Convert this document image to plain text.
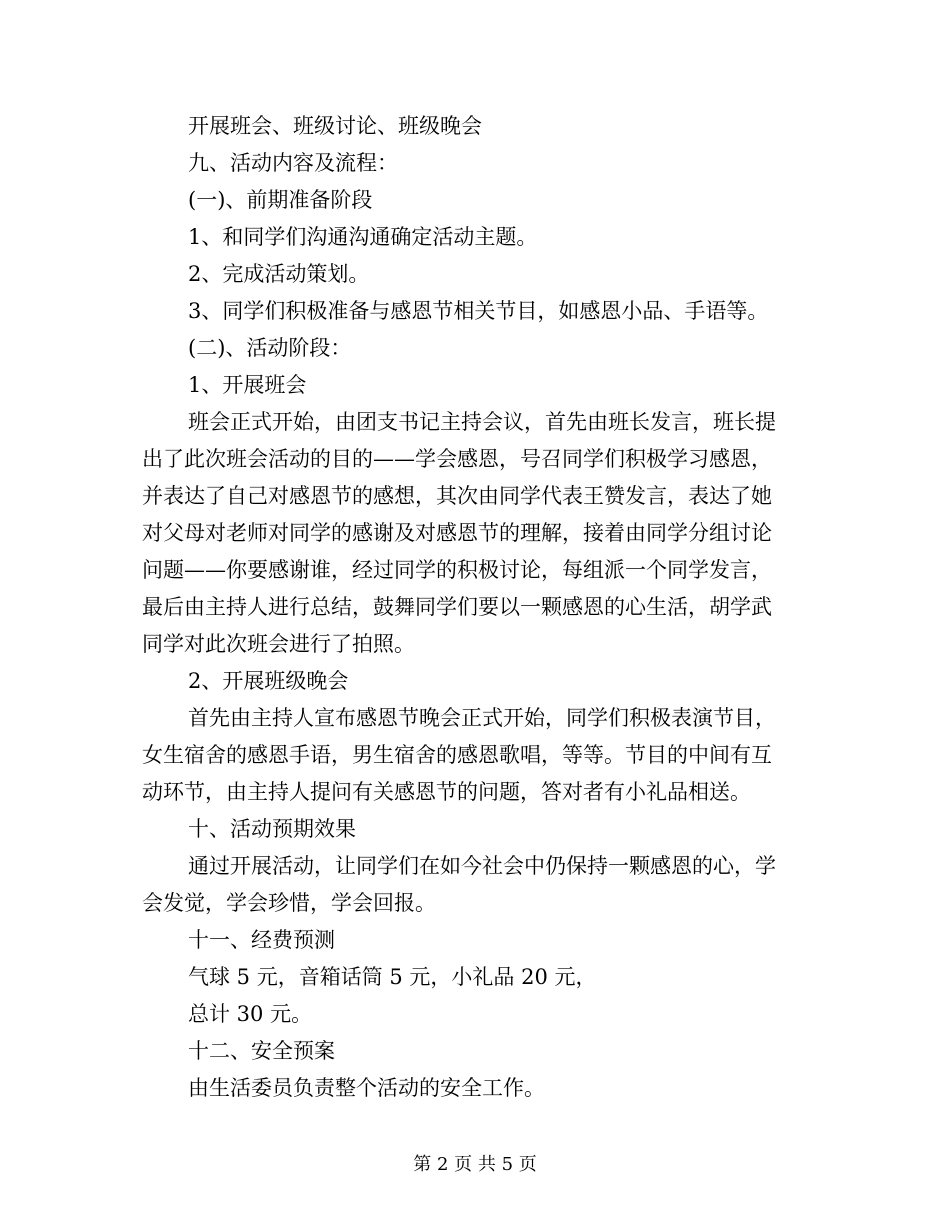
开展班会、班级讨论、班级晚会
九、活动内容及流程：
(一)、前期准备阶段
1、和同学们沟通沟通确定活动主题。
2、完成活动策划。
3、同学们积极准备与感恩节相关节目，如感恩小品、手语等。
(二)、活动阶段：
1、开展班会
班会正式开始，由团支书记主持会议，首先由班长发言，班长提
出了此次班会活动的目的——学会感恩，号召同学们积极学习感恩，
并表达了自己对感恩节的感想，其次由同学代表王赞发言，表达了她
对父母对老师对同学的感谢及对感恩节的理解，接着由同学分组讨论
问题——你要感谢谁，经过同学的积极讨论，每组派一个同学发言，
最后由主持人进行总结，鼓舞同学们要以一颗感恩的心生活，胡学武
同学对此次班会进行了拍照。
2、开展班级晚会
首先由主持人宣布感恩节晚会正式开始，同学们积极表演节目，
女生宿舍的感恩手语，男生宿舍的感恩歌唱，等等。节目的中间有互
动环节，由主持人提问有关感恩节的问题，答对者有小礼品相送。
十、活动预期效果
通过开展活动，让同学们在如今社会中仍保持一颗感恩的心，学
会发觉，学会珍惜，学会回报。
十一、经费预测
气球 5 元，音箱话筒 5 元，小礼品 20 元，
总计 30 元。
十二、安全预案
由生活委员负责整个活动的安全工作。
第 2 页 共 5 页
